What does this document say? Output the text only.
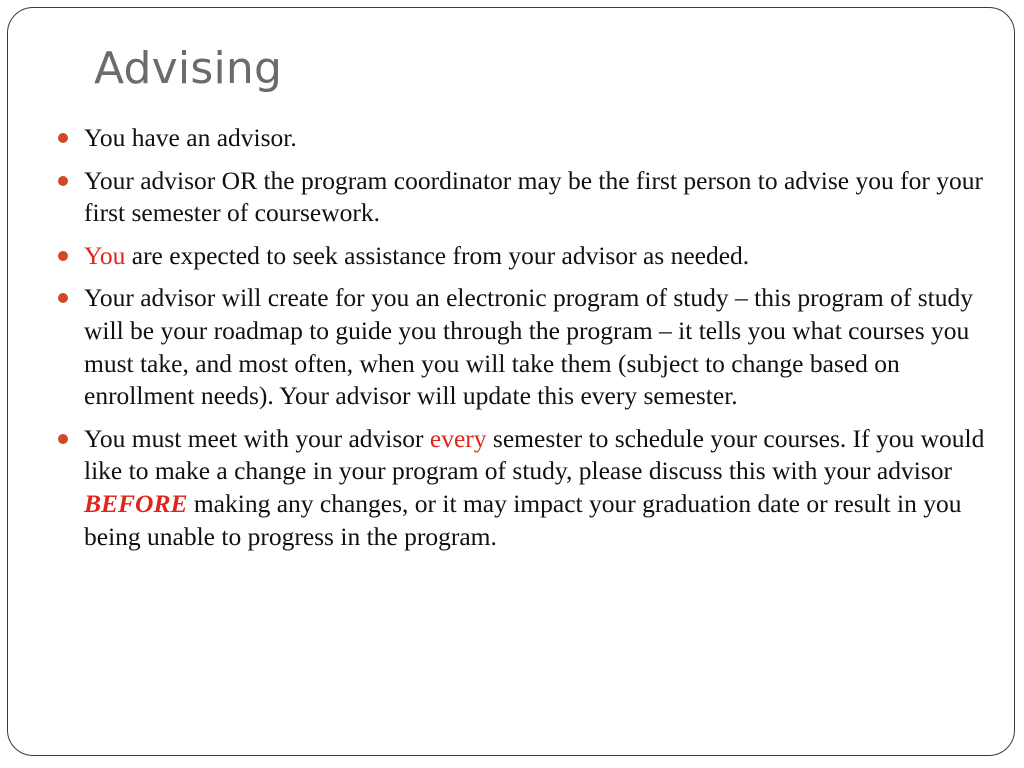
Advising
You have an advisor.
Your advisor OR the program coordinator may be the first person to advise you for your first semester of coursework.
You are expected to seek assistance from your advisor as needed.
Your advisor will create for you an electronic program of study – this program of study will be your roadmap to guide you through the program – it tells you what courses you must take, and most often, when you will take them (subject to change based on enrollment needs). Your advisor will update this every semester.
You must meet with your advisor every semester to schedule your courses. If you would like to make a change in your program of study, please discuss this with your advisor BEFORE making any changes, or it may impact your graduation date or result in you being unable to progress in the program.
